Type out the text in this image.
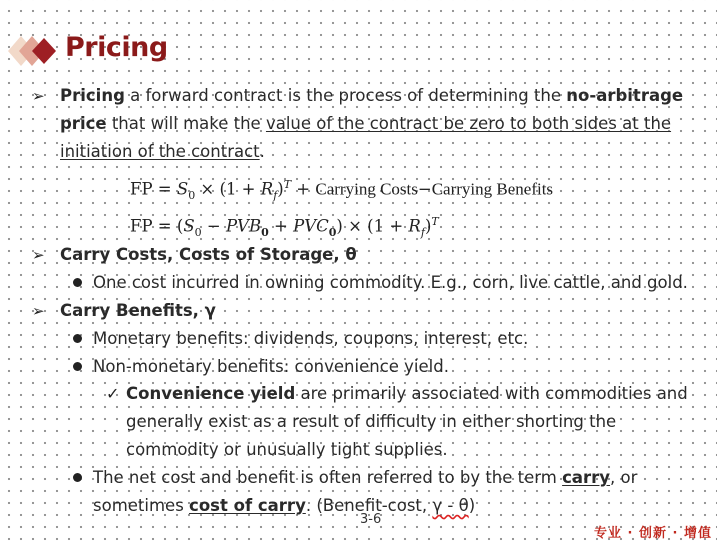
Pricing
➢ Pricing a forward contract is the process of determining the no-arbitrage
price that will make the value of the contract be zero to both sides at the
initiation of the contract.
FP = $S_0 \times (1 + R_f)^T$ + Carrying Costs−Carrying Benefits
FP = $(S_0 - PVB_0 + PVC_0) \times (1 + R_f)^T$
➢ Carry Costs, Costs of Storage, θ
One cost incurred in owning commodity. E.g., corn, live cattle, and gold.
➢ Carry Benefits, γ
Monetary benefits: dividends, coupons, interest, etc.
Non-monetary benefits: convenience yield.
✓ Convenience yield are primarily associated with commodities and
generally exist as a result of difficulty in either shorting the
commodity or unusually tight supplies.
The net cost and benefit is often referred to by the term carry, or
sometimes cost of carry. (Benefit-cost, γ - θ)
3-6
专业 · 创新 · 增值
